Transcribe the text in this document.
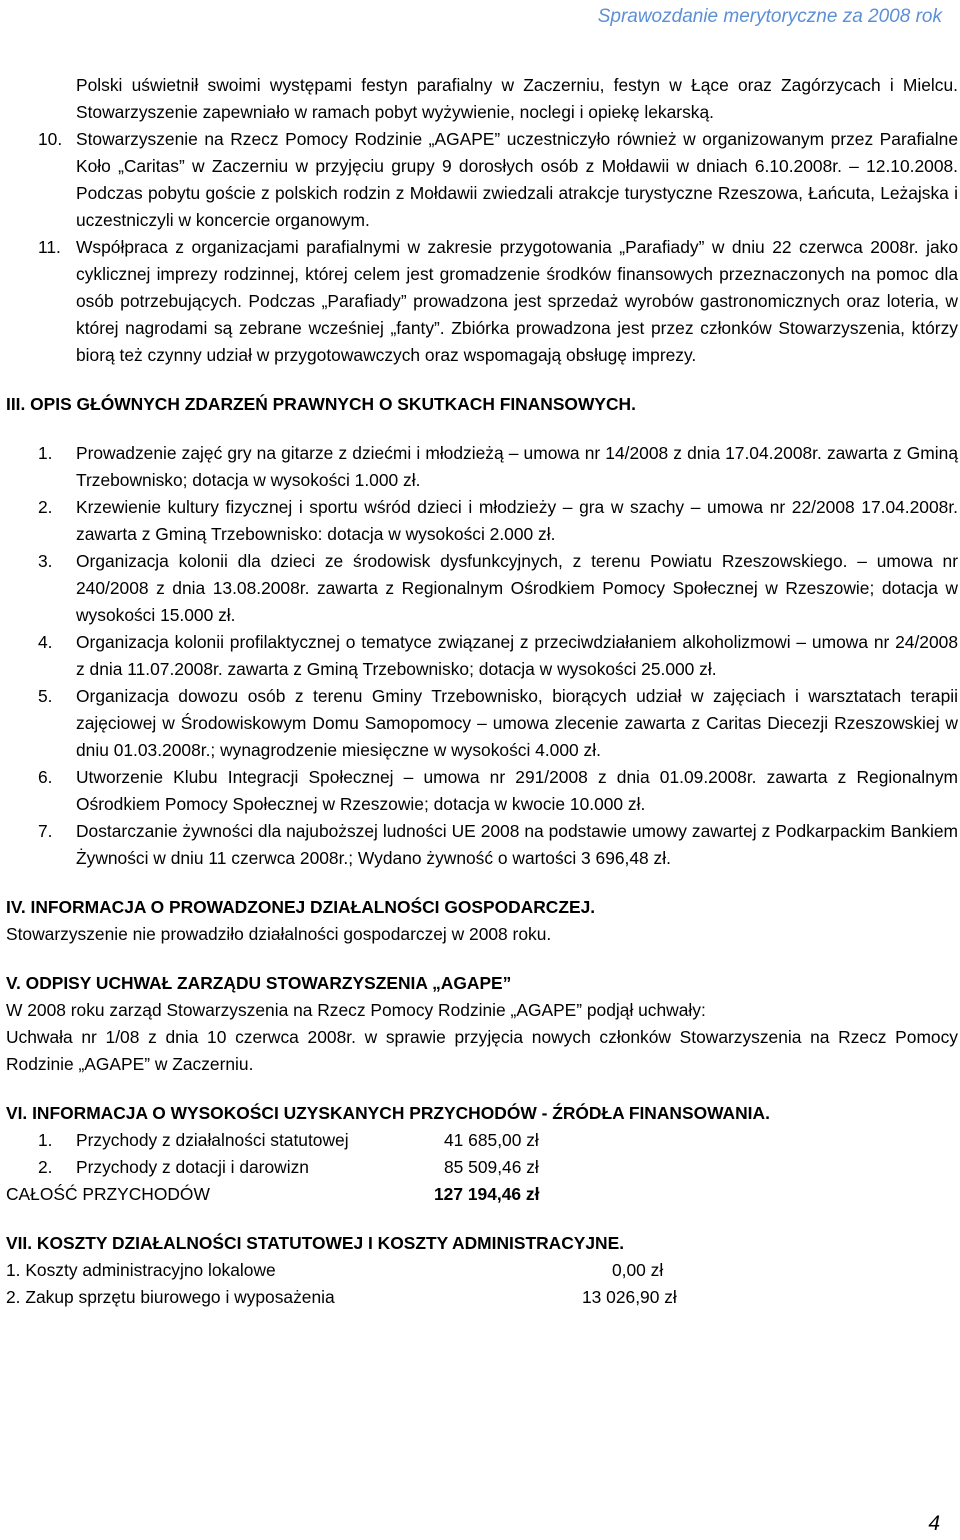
Sprawozdanie merytoryczne za 2008 rok

Polski uświetnił swoimi występami festyn parafialny w Zaczerniu, festyn w Łące oraz Zagórzycach i Mielcu. Stowarzyszenie zapewniało w ramach pobyt wyżywienie, noclegi i opiekę lekarską.

10. Stowarzyszenie na Rzecz Pomocy Rodzinie „AGAPE” uczestniczyło również w organizowanym przez Parafialne Koło „Caritas” w Zaczerniu w przyjęciu grupy 9 dorosłych osób z Mołdawii w dniach 6.10.2008r. – 12.10.2008. Podczas pobytu goście z polskich rodzin z Mołdawii zwiedzali atrakcje turystyczne Rzeszowa, Łańcuta, Leżajska i uczestniczyli w koncercie organowym.
11. Współpraca z organizacjami parafialnymi w zakresie przygotowania „Parafiady” w dniu 22 czerwca 2008r. jako cyklicznej imprezy rodzinnej, której celem jest gromadzenie środków finansowych przeznaczonych na pomoc dla osób potrzebujących. Podczas „Parafiady” prowadzona jest sprzedaż wyrobów gastronomicznych oraz loteria, w której nagrodami są zebrane wcześniej „fanty”. Zbiórka prowadzona jest przez członków Stowarzyszenia, którzy biorą też czynny udział w przygotowawczych oraz wspomagają obsługę imprezy.

III. OPIS GŁÓWNYCH ZDARZEŃ PRAWNYCH O SKUTKACH FINANSOWYCH.

1. Prowadzenie zajęć gry na gitarze z dziećmi i młodzieżą – umowa nr 14/2008 z dnia 17.04.2008r. zawarta z Gminą Trzebownisko; dotacja w wysokości 1.000 zł.
2. Krzewienie kultury fizycznej i sportu wśród dzieci i młodzieży – gra w szachy – umowa nr 22/2008 17.04.2008r. zawarta z Gminą Trzebownisko: dotacja w wysokości 2.000 zł.
3. Organizacja kolonii dla dzieci ze środowisk dysfunkcyjnych, z terenu Powiatu Rzeszowskiego. – umowa nr 240/2008 z dnia 13.08.2008r. zawarta z Regionalnym Ośrodkiem Pomocy Społecznej w Rzeszowie; dotacja w wysokości 15.000 zł.
4. Organizacja kolonii profilaktycznej o tematyce związanej z przeciwdziałaniem alkoholizmowi – umowa nr 24/2008 z dnia 11.07.2008r. zawarta z Gminą Trzebownisko; dotacja w wysokości 25.000 zł.
5. Organizacja dowozu osób z terenu Gminy Trzebownisko, biorących udział w zajęciach i warsztatach terapii zajęciowej w Środowiskowym Domu Samopomocy – umowa zlecenie zawarta z Caritas Diecezji Rzeszowskiej w dniu 01.03.2008r.; wynagrodzenie miesięczne w wysokości 4.000 zł.
6. Utworzenie Klubu Integracji Społecznej – umowa nr 291/2008 z dnia 01.09.2008r. zawarta z Regionalnym Ośrodkiem Pomocy Społecznej w Rzeszowie; dotacja w kwocie 10.000 zł.
7. Dostarczanie żywności dla najuboższej ludności UE 2008 na podstawie umowy zawartej z Podkarpackim Bankiem Żywności w dniu 11 czerwca 2008r.; Wydano żywność o wartości 3 696,48 zł.

IV. INFORMACJA O PROWADZONEJ DZIAŁALNOŚCI GOSPODARCZEJ.

Stowarzyszenie nie prowadziło działalności gospodarczej w 2008 roku.

V. ODPISY UCHWAŁ ZARZĄDU STOWARZYSZENIA „AGAPE”

W 2008 roku zarząd Stowarzyszenia na Rzecz Pomocy Rodzinie „AGAPE” podjął uchwały:

Uchwała nr 1/08 z dnia 10 czerwca 2008r. w sprawie przyjęcia nowych członków Stowarzyszenia na Rzecz Pomocy Rodzinie „AGAPE” w Zaczerniu.

VI. INFORMACJA O WYSOKOŚCI UZYSKANYCH PRZYCHODÓW - ŹRÓDŁA FINANSOWANIA.

1. Przychody z działalności statutowej	41 685,00 zł
2. Przychody z dotacji i darowizn	85 509,46 zł
CAŁOŚĆ PRZYCHODÓW	127 194,46 zł

VII. KOSZTY DZIAŁALNOŚCI STATUTOWEJ I KOSZTY ADMINISTRACYJNE.

1. Koszty administracyjno lokalowe	0,00 zł
2. Zakup sprzętu biurowego i wyposażenia	13 026,90 zł
4
